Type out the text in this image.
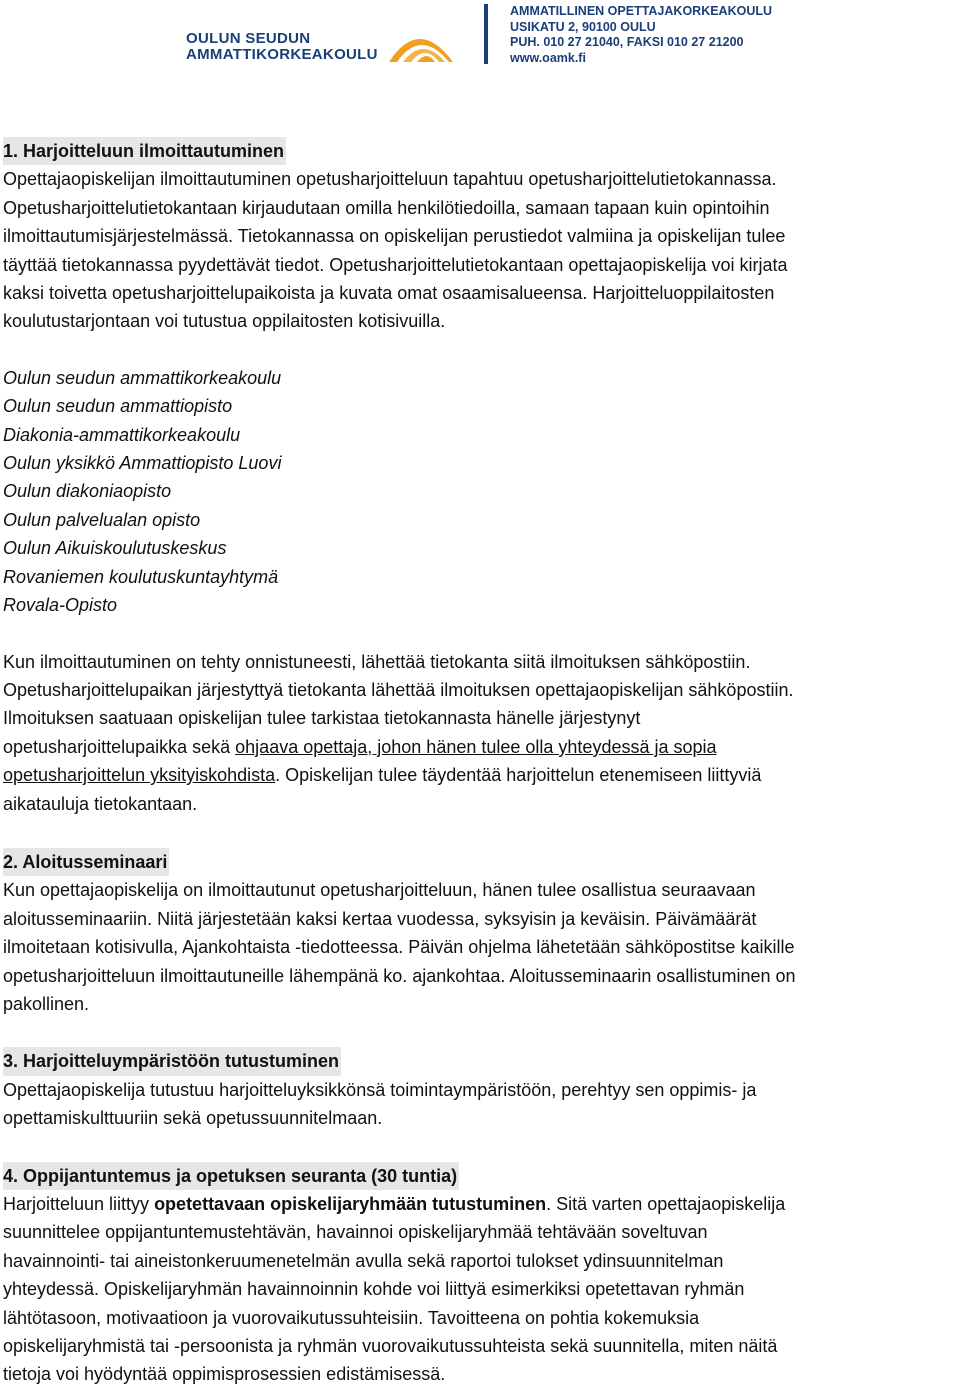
OULUN SEUDUN
AMMATTIKORKEAKOULU
AMMATILLINEN OPETTAJAKORKEAKOULU
USIKATU 2, 90100 OULU
PUH. 010 27 21040, FAKSI 010 27 21200
www.oamk.fi
1. Harjoitteluun ilmoittautuminen
Opettajaopiskelijan ilmoittautuminen opetusharjoitteluun tapahtuu opetusharjoittelutietokannassa.
Opetusharjoittelutietokantaan kirjaudutaan omilla henkilötiedoilla, samaan tapaan kuin opintoihin
ilmoittautumisjärjestelmässä. Tietokannassa on opiskelijan perustiedot valmiina ja opiskelijan tulee
täyttää tietokannassa pyydettävät tiedot. Opetusharjoittelutietokantaan opettajaopiskelija voi kirjata
kaksi toivetta opetusharjoittelupaikoista ja kuvata omat osaamisalueensa. Harjoitteluoppilaitosten
koulutustarjontaan voi tutustua oppilaitosten kotisivuilla.
Oulun seudun ammattikorkeakoulu
Oulun seudun ammattiopisto
Diakonia-ammattikorkeakoulu
Oulun yksikkö Ammattiopisto Luovi
Oulun diakoniaopisto
Oulun palvelualan opisto
Oulun Aikuiskoulutuskeskus
Rovaniemen koulutuskuntayhtymä
Rovala-Opisto
Kun ilmoittautuminen on tehty onnistuneesti, lähettää tietokanta siitä ilmoituksen sähköpostiin.
Opetusharjoittelupaikan järjestyttyä tietokanta lähettää ilmoituksen opettajaopiskelijan sähköpostiin.
Ilmoituksen saatuaan opiskelijan tulee tarkistaa tietokannasta hänelle järjestynyt
opetusharjoittelupaikka sekä ohjaava opettaja, johon hänen tulee olla yhteydessä ja sopia
opetusharjoittelun yksityiskohdista. Opiskelijan tulee täydentää harjoittelun etenemiseen liittyviä
aikatauluja tietokantaan.
2. Aloitusseminaari
Kun opettajaopiskelija on ilmoittautunut opetusharjoitteluun, hänen tulee osallistua seuraavaan
aloitusseminaariin. Niitä järjestetään kaksi kertaa vuodessa, syksyisin ja keväisin. Päivämäärät
ilmoitetaan kotisivulla, Ajankohtaista -tiedotteessa. Päivän ohjelma lähetetään sähköpostitse kaikille
opetusharjoitteluun ilmoittautuneille lähempänä ko. ajankohtaa. Aloitusseminaarin osallistuminen on
pakollinen.
3. Harjoitteluympäristöön tutustuminen
Opettajaopiskelija tutustuu harjoitteluyksikkönsä toimintaympäristöön, perehtyy sen oppimis- ja
opettamiskulttuuriin sekä opetussuunnitelmaan.
4. Oppijantuntemus ja opetuksen seuranta (30 tuntia)
Harjoitteluun liittyy opetettavaan opiskelijaryhmään tutustuminen. Sitä varten opettajaopiskelija
suunnittelee oppijantuntemustehtävän, havainnoi opiskelijaryhmää tehtävään soveltuvan
havainnointi- tai aineistonkeruumenetelmän avulla sekä raportoi tulokset ydinsuunnitelman
yhteydessä. Opiskelijaryhmän havainnoinnin kohde voi liittyä esimerkiksi opetettavan ryhmän
lähtötasoon, motivaatioon ja vuorovaikutussuhteisiin. Tavoitteena on pohtia kokemuksia
opiskelijaryhmistä tai -persoonista ja ryhmän vuorovaikutussuhteista sekä suunnitella, miten näitä
tietoja voi hyödyntää oppimisprosessien edistämisessä.
